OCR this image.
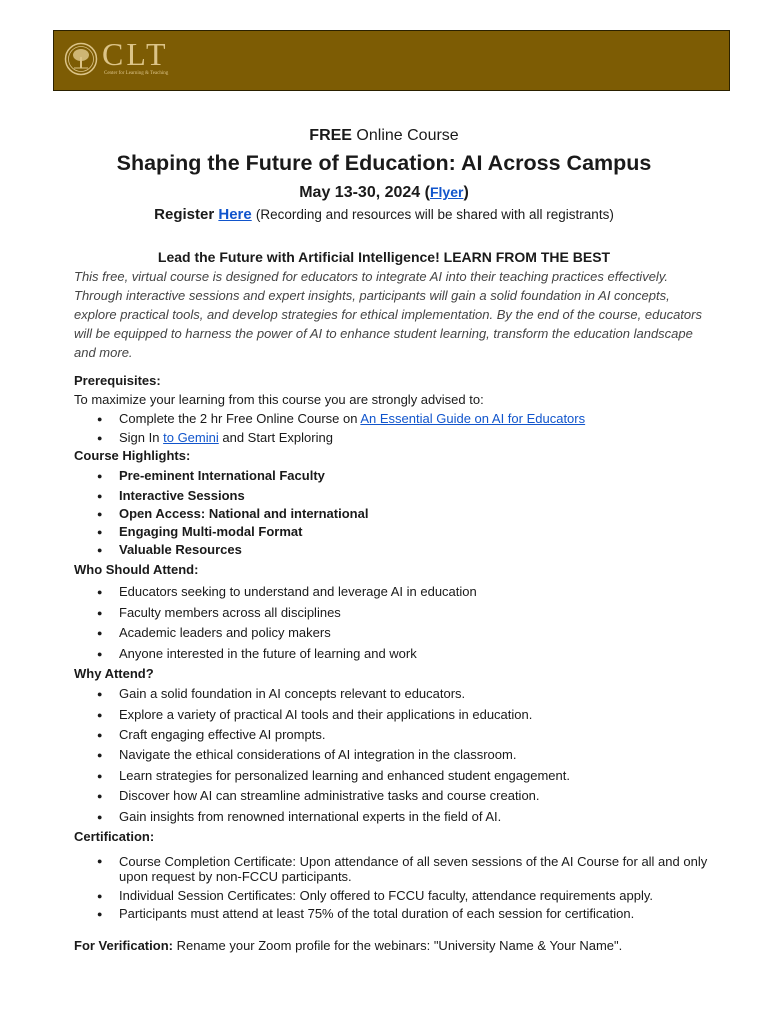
CLT
Center for Learning & Teaching
FREE Online Course
Shaping the Future of Education: AI Across Campus
May 13-30, 2024 (Flyer)
Register Here (Recording and resources will be shared with all registrants)
Lead the Future with Artificial Intelligence! LEARN FROM THE BEST

This free, virtual course is designed for educators to integrate AI into their teaching practices effectively. Through interactive sessions and expert insights, participants will gain a solid foundation in AI concepts, explore practical tools, and develop strategies for ethical implementation. By the end of the course, educators will be equipped to harness the power of AI to enhance student learning, transform the education landscape and more.

Prerequisites:
To maximize your learning from this course you are strongly advised to:
● Complete the 2 hr Free Online Course on An Essential Guide on AI for Educators
● Sign In to Gemini and Start Exploring
Course Highlights:
● Pre-eminent International Faculty
● Interactive Sessions
● Open Access: National and international
● Engaging Multi-modal Format
● Valuable Resources
Who Should Attend:
● Educators seeking to understand and leverage AI in education
● Faculty members across all disciplines
● Academic leaders and policy makers
● Anyone interested in the future of learning and work
Why Attend?
● Gain a solid foundation in AI concepts relevant to educators.
● Explore a variety of practical AI tools and their applications in education.
● Craft engaging effective AI prompts.
● Navigate the ethical considerations of AI integration in the classroom.
● Learn strategies for personalized learning and enhanced student engagement.
● Discover how AI can streamline administrative tasks and course creation.
● Gain insights from renowned international experts in the field of AI.
Certification:
● Course Completion Certificate: Upon attendance of all seven sessions of the AI Course for all and only upon request by non-FCCU participants.
● Individual Session Certificates: Only offered to FCCU faculty, attendance requirements apply.
● Participants must attend at least 75% of the total duration of each session for certification.
For Verification: Rename your Zoom profile for the webinars: "University Name & Your Name".
